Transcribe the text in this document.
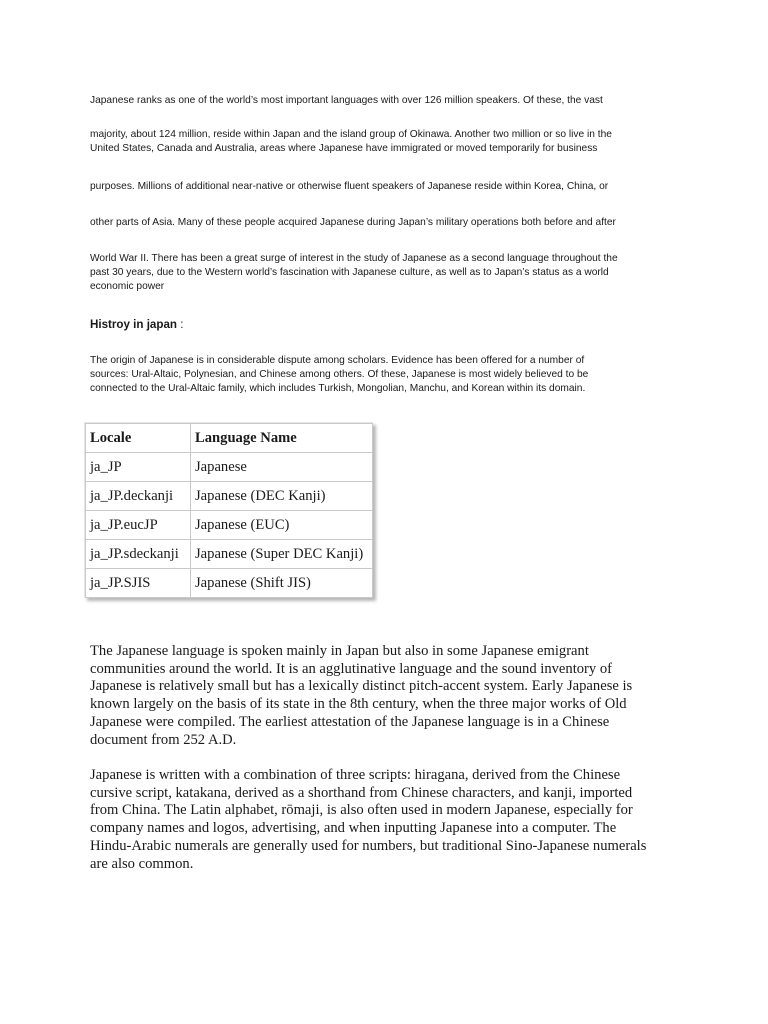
Japanese ranks as one of the world’s most important languages with over 126 million speakers. Of these, the vast

majority, about 124 million, reside within Japan and the island group of Okinawa. Another two million or so live in the
United States, Canada and Australia, areas where Japanese have immigrated or moved temporarily for business

purposes. Millions of additional near-native or otherwise fluent speakers of Japanese reside within Korea, China, or

other parts of Asia. Many of these people acquired Japanese during Japan’s military operations both before and after

World War II. There has been a great surge of interest in the study of Japanese as a second language throughout the
past 30 years, due to the Western world’s fascination with Japanese culture, as well as to Japan’s status as a world
economic power

Histroy in japan :

The origin of Japanese is in considerable dispute among scholars. Evidence has been offered for a number of
sources: Ural-Altaic, Polynesian, and Chinese among others. Of these, Japanese is most widely believed to be
connected to the Ural-Altaic family, which includes Turkish, Mongolian, Manchu, and Korean within its domain.

Locale	Language Name
ja_JP	Japanese
ja_JP.deckanji	Japanese (DEC Kanji)
ja_JP.eucJP	Japanese (EUC)
ja_JP.sdeckanji	Japanese (Super DEC Kanji)
ja_JP.SJIS	Japanese (Shift JIS)

The Japanese language is spoken mainly in Japan but also in some Japanese emigrant
communities around the world. It is an agglutinative language and the sound inventory of
Japanese is relatively small but has a lexically distinct pitch-accent system. Early Japanese is
known largely on the basis of its state in the 8th century, when the three major works of Old
Japanese were compiled. The earliest attestation of the Japanese language is in a Chinese
document from 252 A.D.

Japanese is written with a combination of three scripts: hiragana, derived from the Chinese
cursive script, katakana, derived as a shorthand from Chinese characters, and kanji, imported
from China. The Latin alphabet, rōmaji, is also often used in modern Japanese, especially for
company names and logos, advertising, and when inputting Japanese into a computer. The
Hindu-Arabic numerals are generally used for numbers, but traditional Sino-Japanese numerals
are also common.
